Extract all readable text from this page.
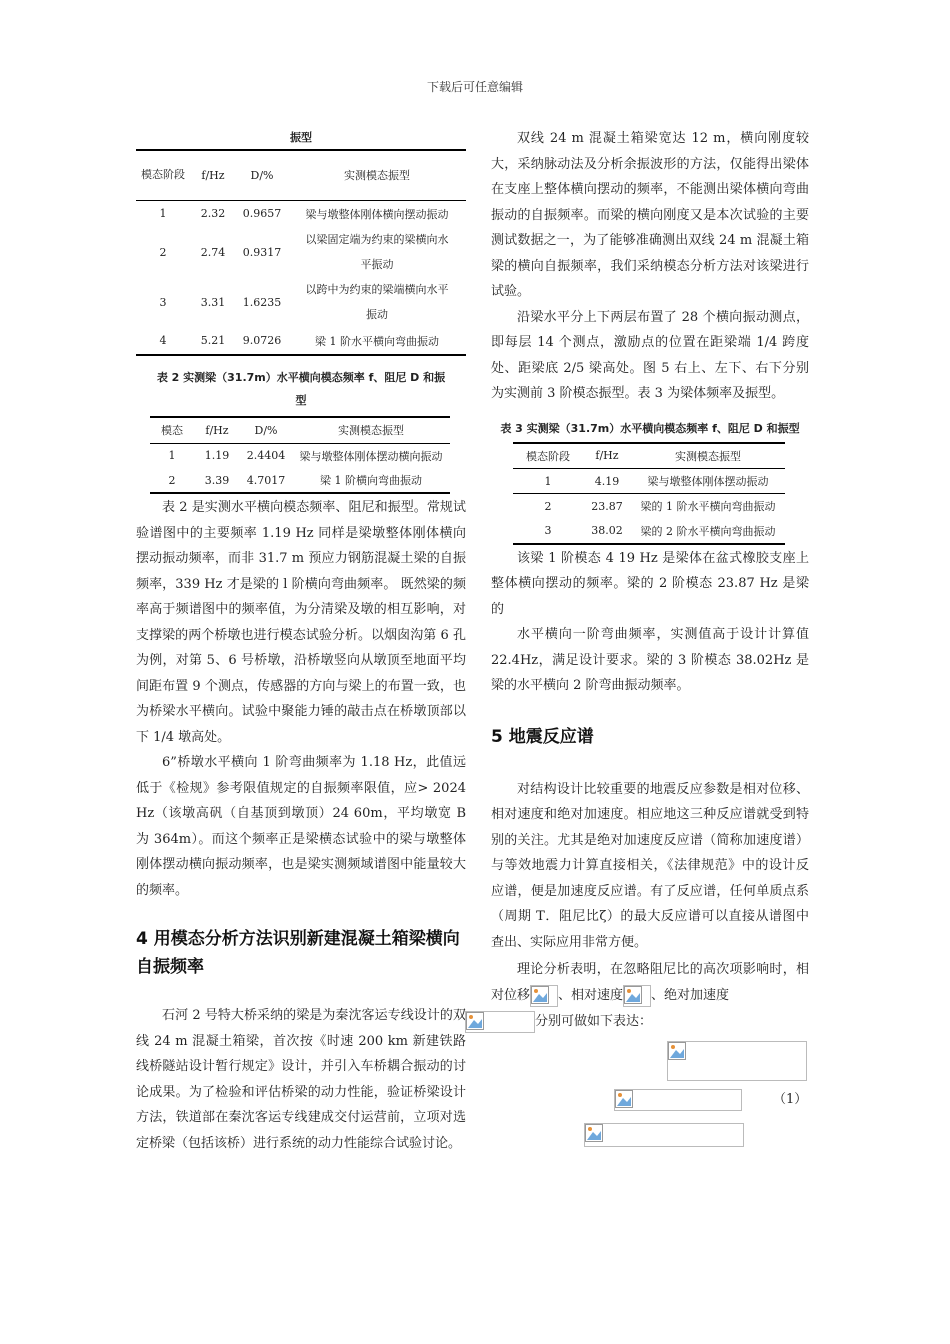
下载后可任意编辑
振型
模态阶段	f/Hz	D/%	实测模态振型
1	2.32	0.9657	梁与墩整体刚体横向摆动振动
2	2.74	0.9317	以梁固定端为约束的梁横向水平振动
3	3.31	1.6235	以跨中为约束的梁端横向水平振动
4	5.21	9.0726	梁 1 阶水平横向弯曲振动
表 2 实测梁（31.7m）水平横向模态频率 f、阻尼 D 和振型
模态	f/Hz	D/%	实测模态振型
1	1.19	2.4404	梁与墩整体刚体摆动横向振动
2	3.39	4.7017	梁 1 阶横向弯曲振动

表 2 是实测水平横向模态频率、阻尼和振型。常规试验谱图中的主要频率 1.19 Hz 同样是梁墩整体刚体横向摆动振动频率，而非 31.7 m 预应力钢筋混凝土梁的自振频率，339 Hz 才是梁的 l 阶横向弯曲频率。 既然梁的频率高于频谱图中的频率值，为分清梁及墩的相互影响，对支撑梁的两个桥墩也进行模态试验分析。以烟囱沟第 6 孔为例，对第 5、6 号桥墩，沿桥墩竖向从墩顶至地面平均间距布置 9 个测点，传感器的方向与梁上的布置一致，也为桥梁水平横向。试验中聚能力锤的敲击点在桥墩顶部以下 1/4 墩高处。

6”桥墩水平横向 1 阶弯曲频率为 1.18 Hz，此值远低于《检规》参考限值规定的自振频率限值，应> 2024 Hz（该墩高矾（自基顶到墩顶）24 60m，平均墩宽 B 为 364m）。而这个频率正是梁横态试验中的梁与墩整体刚体摆动横向振动频率，也是梁实测频域谱图中能量较大的频率。

4 用模态分析方法识别新建混凝土箱梁横向自振频率

石河 2 号特大桥采纳的梁是为秦沈客运专线设计的双线 24 m 混凝土箱梁，首次按《时速 200 km 新建铁路线桥隧站设计暂行规定》设计，并引入车桥耦合振动的讨论成果。为了检验和评估桥梁的动力性能，验证桥梁设计方法，铁道部在秦沈客运专线建成交付运营前，立项对选定桥梁（包括该桥）进行系统的动力性能综合试验讨论。

双线 24 m 混凝土箱梁宽达 12 m，横向刚度较大，采纳脉动法及分析余振波形的方法，仅能得出梁体在支座上整体横向摆动的频率，不能测出梁体横向弯曲振动的自振频率。而梁的横向刚度又是本次试验的主要测试数据之一，为了能够准确测出双线 24 m 混凝土箱梁的横向自振频率，我们采纳模态分析方法对该梁进行试验。

沿梁水平分上下两层布置了 28 个横向振动测点，即每层 14 个测点，激励点的位置在距梁端 1/4 跨度处、距梁底 2/5 梁高处。图 5 右上、左下、右下分别为实测前 3 阶模态振型。表 3 为梁体频率及振型。

表 3 实测梁（31.7m）水平横向模态频率 f、阻尼 D 和振型
模态阶段	f/Hz	实测模态振型
1	4.19	梁与墩整体刚体摆动振动
2	23.87	梁的 1 阶水平横向弯曲振动
3	38.02	梁的 2 阶水平横向弯曲振动

该梁 1 阶模态 4 19 Hz 是梁体在盆式橡胶支座上整体横向摆动的频率。梁的 2 阶模态 23.87 Hz 是梁的

水平横向一阶弯曲频率，实测值高于设计计算值 22.4Hz，满足设计要求。梁的 3 阶模态 38.02Hz 是梁的水平横向 2 阶弯曲振动频率。

5 地震反应谱

对结构设计比较重要的地震反应参数是相对位移、相对速度和绝对加速度。相应地这三种反应谱就受到特别的关注。尤其是绝对加速度反应谱（简称加速度谱）与等效地震力计算直接相关，《法律规范》中的设计反应谱，便是加速度反应谱。有了反应谱，任何单质点系（周期 T．阻尼比ζ）的最大反应谱可以直接从谱图中查出、实际应用非常方便。

理论分析表明，在忽略阻尼比的高次项影响时，相对位移 、相对速度 、绝对加速度

分别可做如下表达：

（1）
